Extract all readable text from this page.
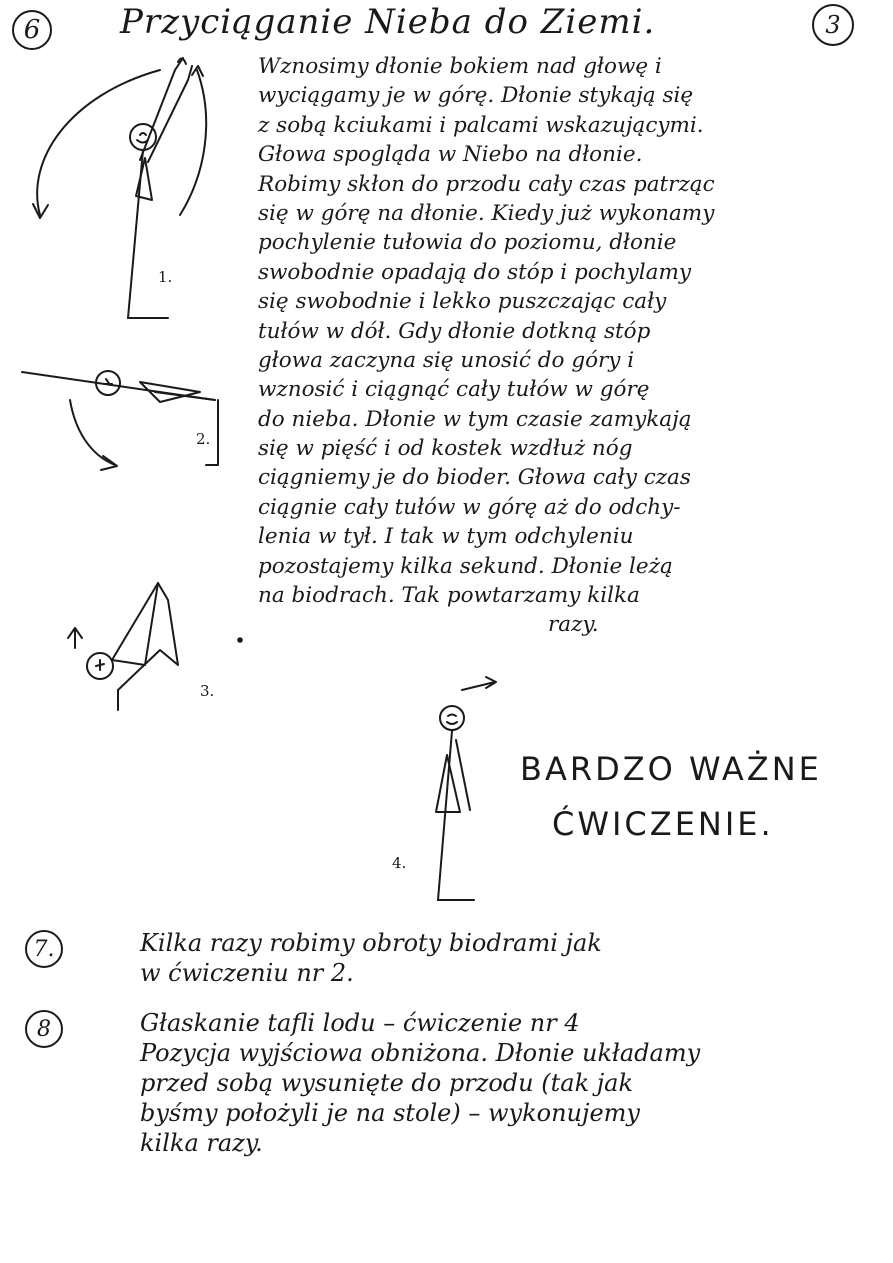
Przyciąganie Nieba do Ziemi.
6	3
Wznosimy dłonie bokiem nad głowę i
wyciągamy je w górę. Dłonie stykają się
z sobą kciukami i palcami wskazującymi.
Głowa spogląda w Niebo na dłonie.
Robimy skłon do przodu cały czas patrząc
się w górę na dłonie. Kiedy już wykonamy
pochylenie tułowia do poziomu, dłonie
swobodnie opadają do stóp i pochylamy
się swobodnie i lekko puszczając cały
tułów w dół. Gdy dłonie dotkną stóp
głowa zaczyna się unosić do góry i
wznosić i ciągnąć cały tułów w górę
do nieba. Dłonie w tym czasie zamykają
się w pięść i od kostek wzdłuż nóg
ciągniemy je do bioder. Głowa cały czas
ciągnie cały tułów w górę aż do odchy-
lenia w tył. I tak w tym odchyleniu
pozostajemy kilka sekund. Dłonie leżą
na biodrach. Tak powtarzamy kilka
razy.
BARDZO WAŻNE
ĆWICZENIE.
1.
2.
3.
4.
7.	Kilka razy robimy obroty biodrami jak
w ćwiczeniu nr 2.
8	Głaskanie tafli lodu – ćwiczenie nr 4
Pozycja wyjściowa obniżona. Dłonie układamy
przed sobą wysunięte do przodu (tak jak
byśmy położyli je na stole) – wykonujemy
kilka razy.
